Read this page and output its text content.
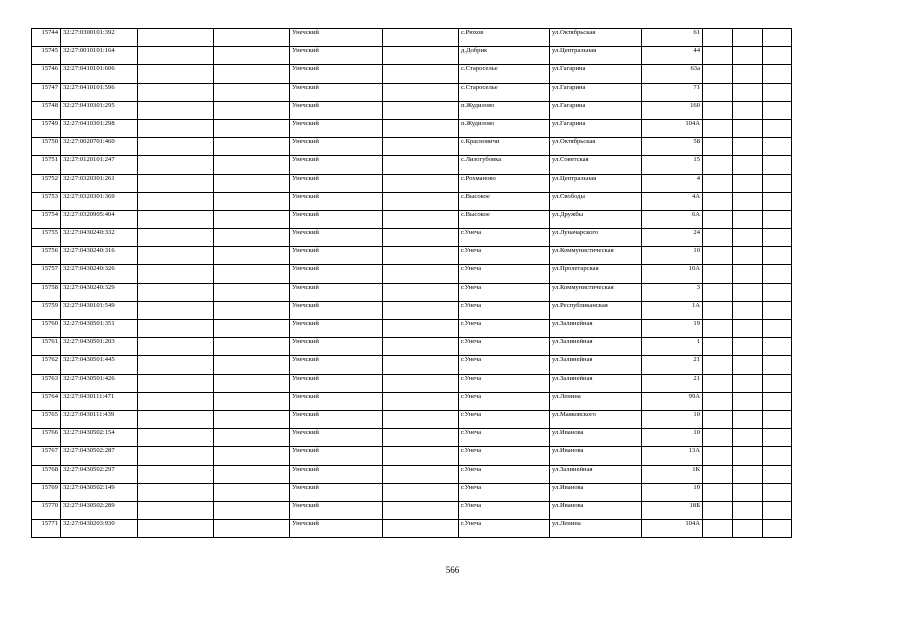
15744	32:27:0300101:392			Унечский		с.Рюхов	ул.Октябрьская	61			
15745	32:27:0010101:164			Унечский		д.Добрик	ул.Центральная	44			
15746	32:27:0410101:606			Унечский		с.Староселье	ул.Гагарина	63а			
15747	32:27:0410101:596			Унечский		с.Староселье	ул.Гагарина	71			
15748	32:27:0410301:295			Унечский		п.Жудилово	ул.Гагарина	160			
15749	32:27:0410301:298			Унечский		п.Жудилово	ул.Гагарина	104А			
15750	32:27:0020701:460			Унечский		с.Красновичи	ул.Октябрьская	58			
15751	32:27:0120101:247			Унечский		с.Лизогубовка	ул.Советская	15			
15752	32:27:0320301:261			Унечский		с.Рохманово	ул.Центральная	4			
15753	32:27:0320301:369			Унечский		с.Высокое	ул.Свободы	4А			
15754	32:27:0320905:404			Унечский		с.Высокое	ул.Дружбы	6А			
15755	32:27:0430240:332			Унечский		г.Унеча	ул.Луначарского	24			
15756	32:27:0430240:316			Унечский		г.Унеча	ул.Коммунистическая	10			
15757	32:27:0430240:326			Унечский		г.Унеча	ул.Пролетарская	10А			
15758	32:27:0430240:329			Унечский		г.Унеча	ул.Коммунистическая	3			
15759	32:27:0430101:549			Унечский		г.Унеча	ул.Республиканская	1А			
15760	32:27:0430501:351			Унечский		г.Унеча	ул.Залинейная	19			
15761	32:27:0430501:203			Унечский		г.Унеча	ул.Залинейная	1			
15762	32:27:0430501:445			Унечский		г.Унеча	ул.Залинейная	21			
15763	32:27:0430501:426			Унечский		г.Унеча	ул.Залинейная	21			
15764	32:27:0430111:471			Унечский		г.Унеча	ул.Ленина	99А			
15765	32:27:0430111:439			Унечский		г.Унеча	ул.Маяковского	10			
15766	32:27:0430502:154			Унечский		г.Унеча	ул.Иванова	10			
15767	32:27:0430502:287			Унечский		г.Унеча	ул.Иванова	13А			
15768	32:27:0430502:297			Унечский		г.Унеча	ул.Залинейная	1К			
15769	32:27:0430502:149			Унечский		г.Унеча	ул.Иванова	10			
15770	32:27:0430502:289			Унечский		г.Унеча	ул.Иванова	18Б			
15771	32:27:0430203:930			Унечский		г.Унеча	ул.Ленина	104А			
566
